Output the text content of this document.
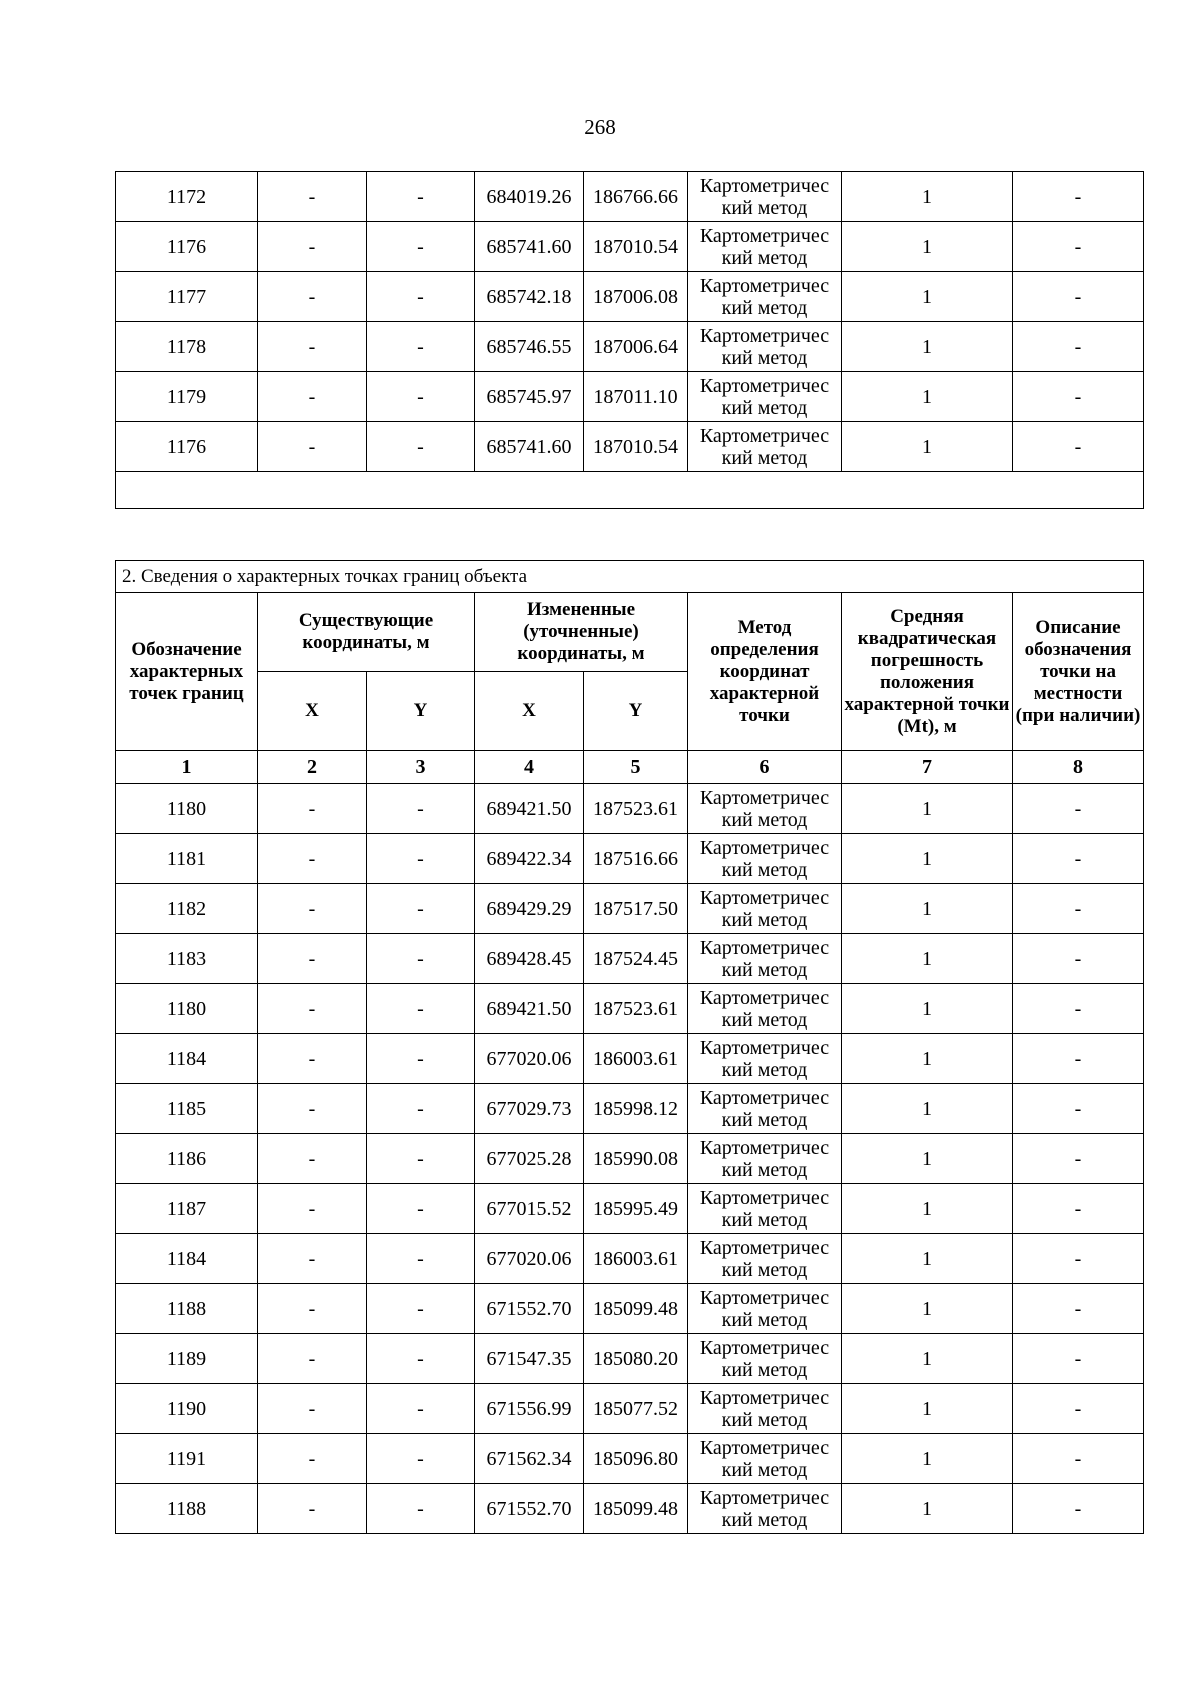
268
1172	-	-	684019.26	186766.66	Картометричес кий метод	1	-
1176	-	-	685741.60	187010.54	Картометричес кий метод	1	-
1177	-	-	685742.18	187006.08	Картометричес кий метод	1	-
1178	-	-	685746.55	187006.64	Картометричес кий метод	1	-
1179	-	-	685745.97	187011.10	Картометричес кий метод	1	-
1176	-	-	685741.60	187010.54	Картометричес кий метод	1	-

2. Сведения о характерных точках границ объекта							
Обозначение характерных точек границ	Существующие координаты, м		Измененные (уточненные) координаты, м		Метод определения координат характерной точки	Средняя квадратическая погрешность положения характерной точки (Mt), м	Описание обозначения точки на местности (при наличии)
	X	Y	X	Y			
1	2	3	4	5	6	7	8
1180	-	-	689421.50	187523.61	Картометричес кий метод	1	-
1181	-	-	689422.34	187516.66	Картометричес кий метод	1	-
1182	-	-	689429.29	187517.50	Картометричес кий метод	1	-
1183	-	-	689428.45	187524.45	Картометричес кий метод	1	-
1180	-	-	689421.50	187523.61	Картометричес кий метод	1	-
1184	-	-	677020.06	186003.61	Картометричес кий метод	1	-
1185	-	-	677029.73	185998.12	Картометричес кий метод	1	-
1186	-	-	677025.28	185990.08	Картометричес кий метод	1	-
1187	-	-	677015.52	185995.49	Картометричес кий метод	1	-
1184	-	-	677020.06	186003.61	Картометричес кий метод	1	-
1188	-	-	671552.70	185099.48	Картометричес кий метод	1	-
1189	-	-	671547.35	185080.20	Картометричес кий метод	1	-
1190	-	-	671556.99	185077.52	Картометричес кий метод	1	-
1191	-	-	671562.34	185096.80	Картометричес кий метод	1	-
1188	-	-	671552.70	185099.48	Картометричес кий метод	1	-
